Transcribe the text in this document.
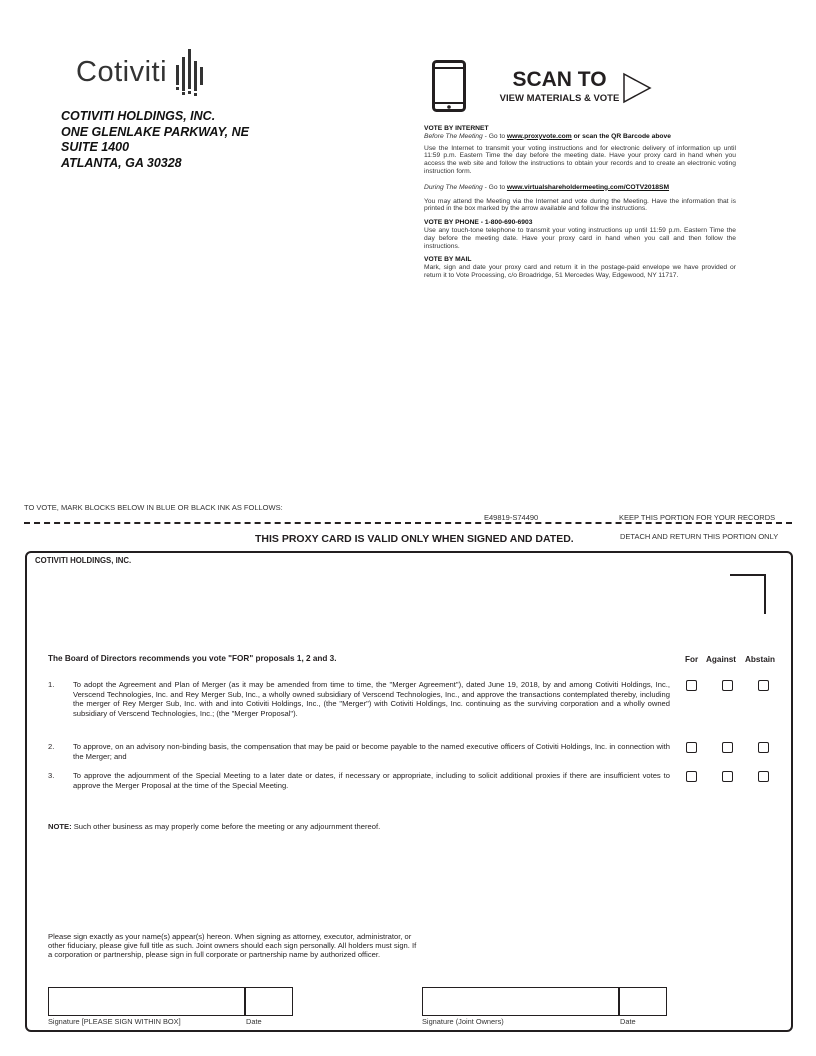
Cotiviti
COTIVITI HOLDINGS, INC.
ONE GLENLAKE PARKWAY, NE
SUITE 1400
ATLANTA, GA 30328
SCAN TO
VIEW MATERIALS & VOTE
VOTE BY INTERNET
Before The Meeting - Go to www.proxyvote.com or scan the QR Barcode above
Use the Internet to transmit your voting instructions and for electronic delivery of information up until 11:59 p.m. Eastern Time the day before the meeting date. Have your proxy card in hand when you access the web site and follow the instructions to obtain your records and to create an electronic voting instruction form.
During The Meeting - Go to www.virtualshareholdermeeting.com/COTV2018SM
You may attend the Meeting via the Internet and vote during the Meeting. Have the information that is printed in the box marked by the arrow available and follow the instructions.
VOTE BY PHONE - 1-800-690-6903
Use any touch-tone telephone to transmit your voting instructions up until 11:59 p.m. Eastern Time the day before the meeting date. Have your proxy card in hand when you call and then follow the instructions.
VOTE BY MAIL
Mark, sign and date your proxy card and return it in the postage-paid envelope we have provided or return it to Vote Processing, c/o Broadridge, 51 Mercedes Way, Edgewood, NY 11717.
TO VOTE, MARK BLOCKS BELOW IN BLUE OR BLACK INK AS FOLLOWS:
E49819-S74490	KEEP THIS PORTION FOR YOUR RECORDS
DETACH AND RETURN THIS PORTION ONLY
THIS PROXY CARD IS VALID ONLY WHEN SIGNED AND DATED.
COTIVITI HOLDINGS, INC.
The Board of Directors recommends you vote "FOR" proposals 1, 2 and 3.	For Against Abstain
1.	To adopt the Agreement and Plan of Merger (as it may be amended from time to time, the "Merger Agreement"), dated June 19, 2018, by and among Cotiviti Holdings, Inc., Verscend Technologies, Inc. and Rey Merger Sub, Inc., a wholly owned subsidiary of Verscend Technologies, Inc., and approve the transactions contemplated thereby, including the merger of Rey Merger Sub, Inc. with and into Cotiviti Holdings, Inc., (the "Merger") with Cotiviti Holdings, Inc. continuing as the surviving corporation and a wholly owned subsidiary of Verscend Technologies, Inc.; (the "Merger Proposal").
2.	To approve, on an advisory non-binding basis, the compensation that may be paid or become payable to the named executive officers of Cotiviti Holdings, Inc. in connection with the Merger; and
3.	To approve the adjournment of the Special Meeting to a later date or dates, if necessary or appropriate, including to solicit additional proxies if there are insufficient votes to approve the Merger Proposal at the time of the Special Meeting.
NOTE: Such other business as may properly come before the meeting or any adjournment thereof.
Please sign exactly as your name(s) appear(s) hereon. When signing as attorney, executor, administrator, or other fiduciary, please give full title as such. Joint owners should each sign personally. All holders must sign. If a corporation or partnership, please sign in full corporate or partnership name by authorized officer.
Signature [PLEASE SIGN WITHIN BOX]	Date	Signature (Joint Owners)	Date
